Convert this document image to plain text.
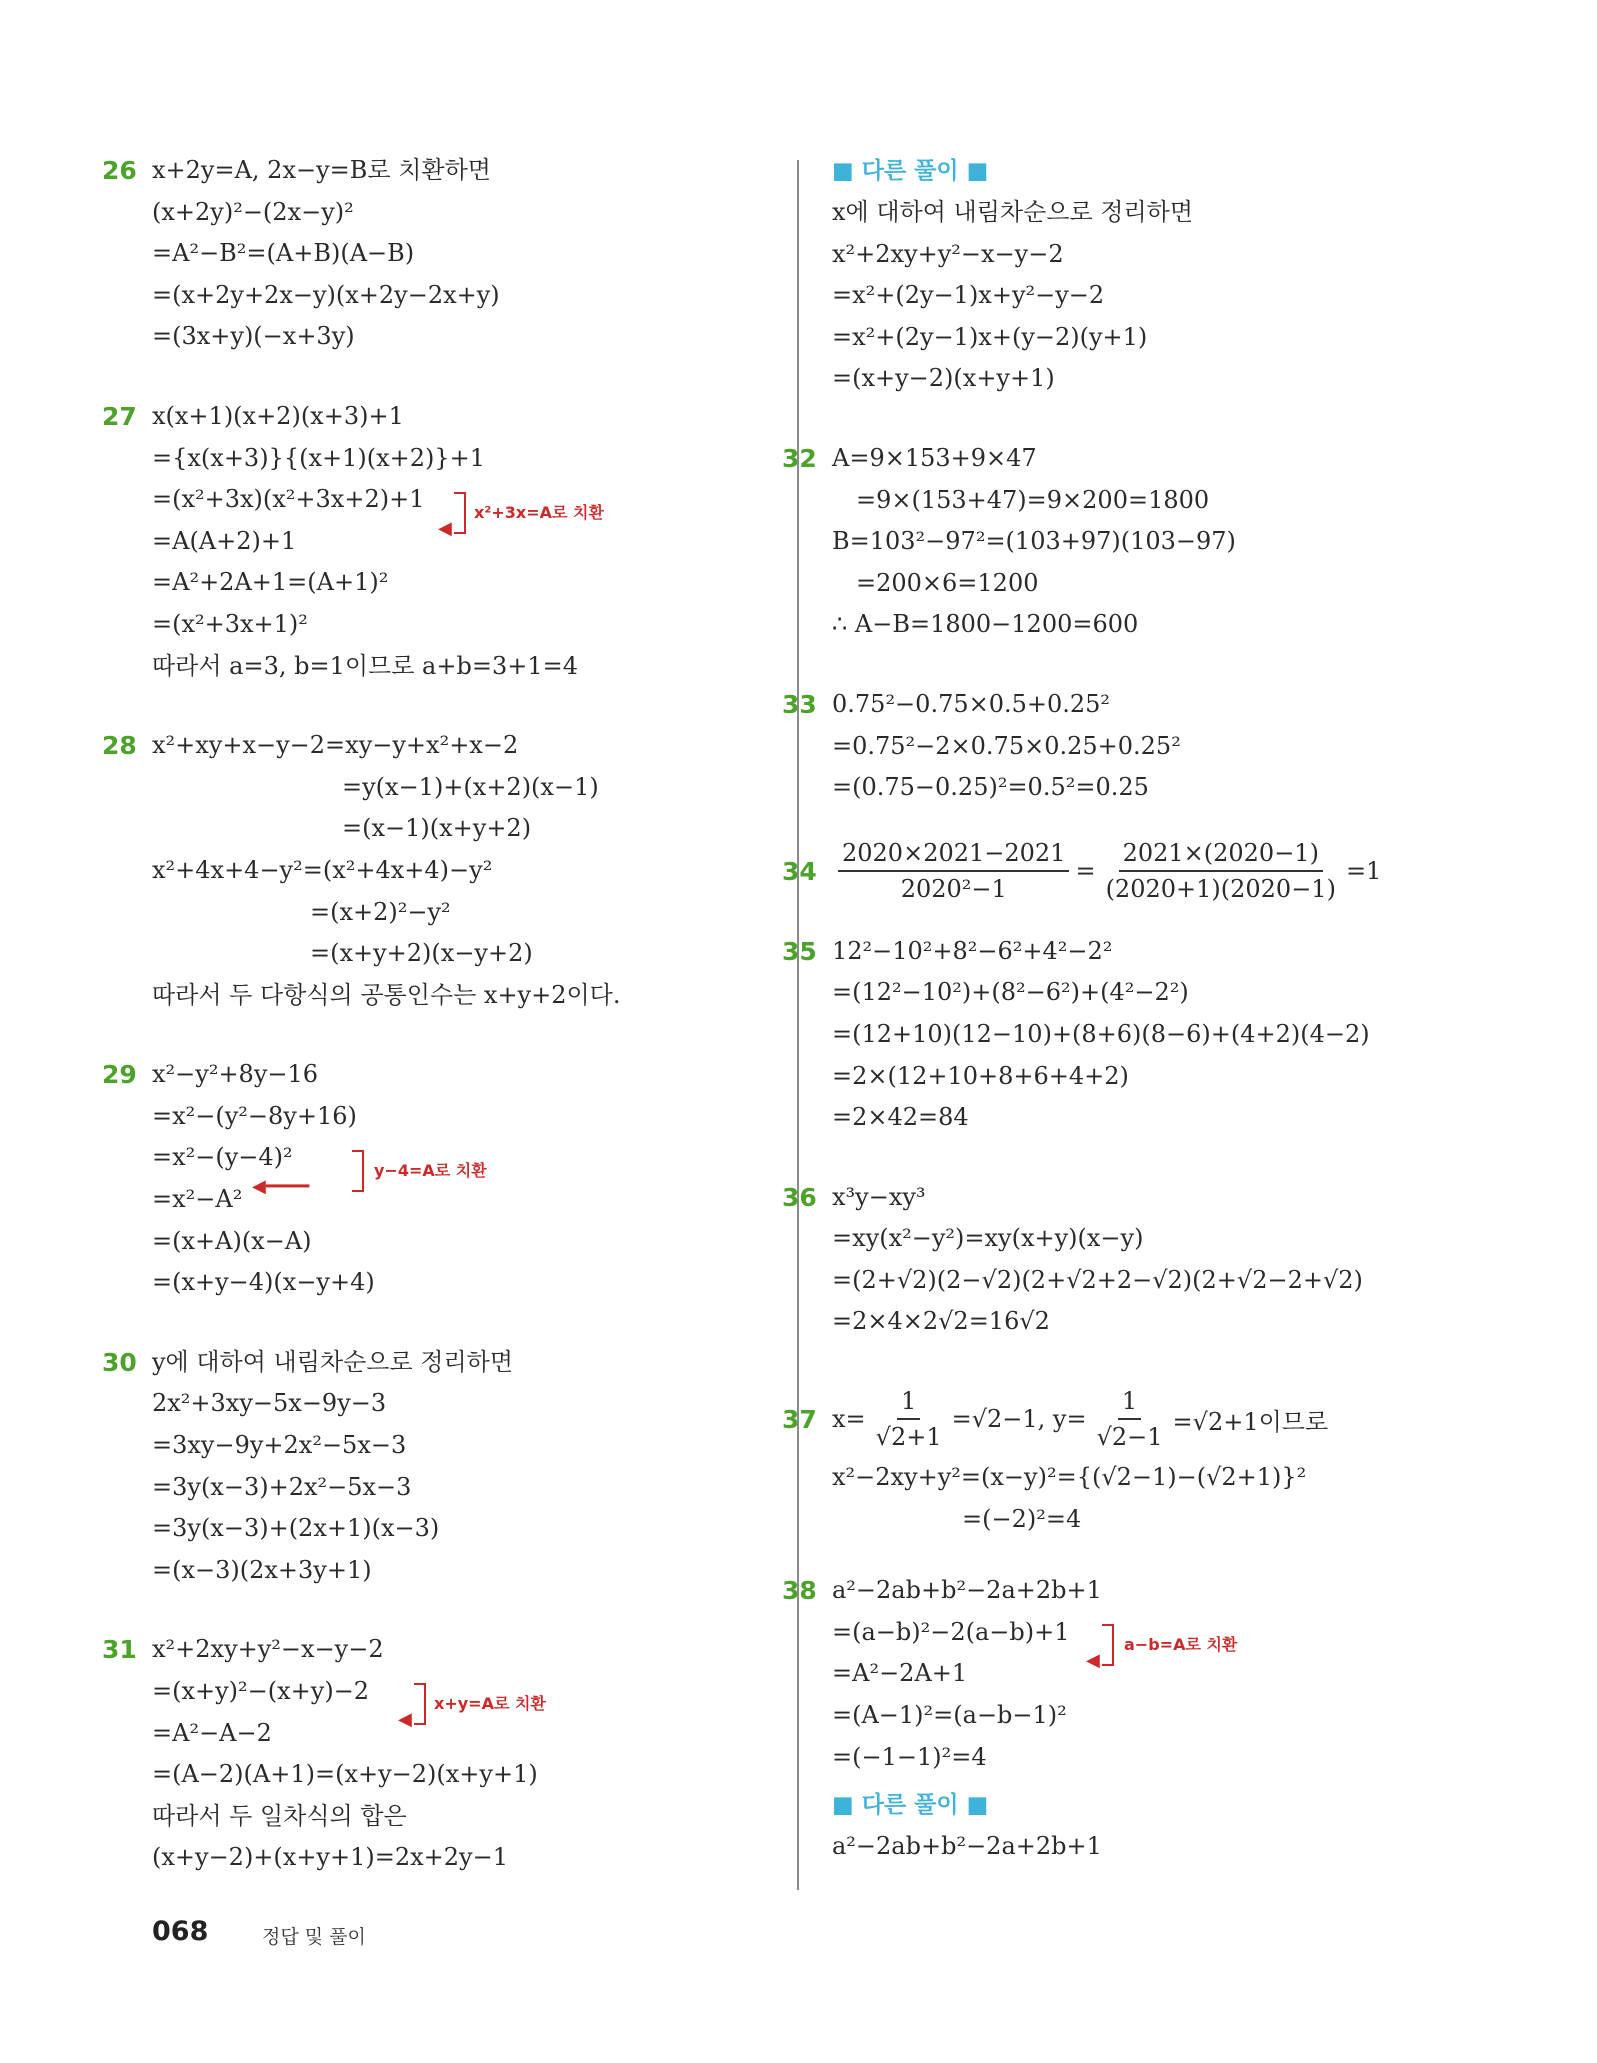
26 x+2y=A, 2x−y=B로 치환하면
(x+2y)²−(2x−y)²
=A²−B²=(A+B)(A−B)
=(x+2y+2x−y)(x+2y−2x+y)
=(3x+y)(−x+3y)
27 x(x+1)(x+2)(x+3)+1
={x(x+3)}{(x+1)(x+2)}+1
=(x²+3x)(x²+3x+2)+1
=A(A+2)+1
=A²+2A+1=(A+1)²
=(x²+3x+1)²
따라서 a=3, b=1이므로 a+b=3+1=4
◀
x²+3x=A로 치환
28 x²+xy+x−y−2=xy−y+x²+x−2
=y(x−1)+(x+2)(x−1)
=(x−1)(x+y+2)
x²+4x+4−y²=(x²+4x+4)−y²
=(x+2)²−y²
=(x+y+2)(x−y+2)
따라서 두 다항식의 공통인수는 x+y+2이다.
29 x²−y²+8y−16
=x²−(y²−8y+16)
=x²−(y−4)²
=x²−A²
=(x+A)(x−A)
=(x+y−4)(x−y+4)
◀━━━━
y−4=A로 치환
30 y에 대하여 내림차순으로 정리하면
2x²+3xy−5x−9y−3
=3xy−9y+2x²−5x−3
=3y(x−3)+2x²−5x−3
=3y(x−3)+(2x+1)(x−3)
=(x−3)(2x+3y+1)
31 x²+2xy+y²−x−y−2
=(x+y)²−(x+y)−2
=A²−A−2
=(A−2)(A+1)=(x+y−2)(x+y+1)
따라서 두 일차식의 합은
(x+y−2)+(x+y+1)=2x+2y−1
◀
x+y=A로 치환
■ 다른 풀이 ■
x에 대하여 내림차순으로 정리하면
x²+2xy+y²−x−y−2
=x²+(2y−1)x+y²−y−2
=x²+(2y−1)x+(y−2)(y+1)
=(x+y−2)(x+y+1)
32 A=9×153+9×47
=9×(153+47)=9×200=1800
B=103²−97²=(103+97)(103−97)
=200×6=1200
∴ A−B=1800−1200=600
33 0.75²−0.75×0.5+0.25²
=0.75²−2×0.75×0.25+0.25²
=(0.75−0.25)²=0.5²=0.25
$34 \frac{2020\times 2021-2021}{\text{2020²−1}} = \frac{2021\times(2020-1)}{(2020+1)(2020-1)} =1$
35 12²−10²+8²−6²+4²−2²
=(12²−10²)+(8²−6²)+(4²−2²)
=(12+10)(12−10)+(8+6)(8−6)+(4+2)(4−2)
=2×(12+10+8+6+4+2)
=2×42=84
36 x³y−xy³
=xy(x²−y²)=xy(x+y)(x−y)
=(2+√2)(2−√2)(2+√2+2−√2)(2+√2−2+√2)
=2×4×2√2=16√2
37 $x= \frac{1}{√2+1} =√2-1$, $y= \frac{1}{√2-1} =√2+1$이므로
x²−2xy+y²=(x−y)²={(√2−1)−(√2+1)}²
=(−2)²=4
38 a²−2ab+b²−2a+2b+1
=(a−b)²−2(a−b)+1
=A²−2A+1
=(A−1)²=(a−b−1)²
=(−1−1)²=4
◀
a−b=A로 치환
■ 다른 풀이 ■
a²−2ab+b²−2a+2b+1
068	정답 및 풀이
